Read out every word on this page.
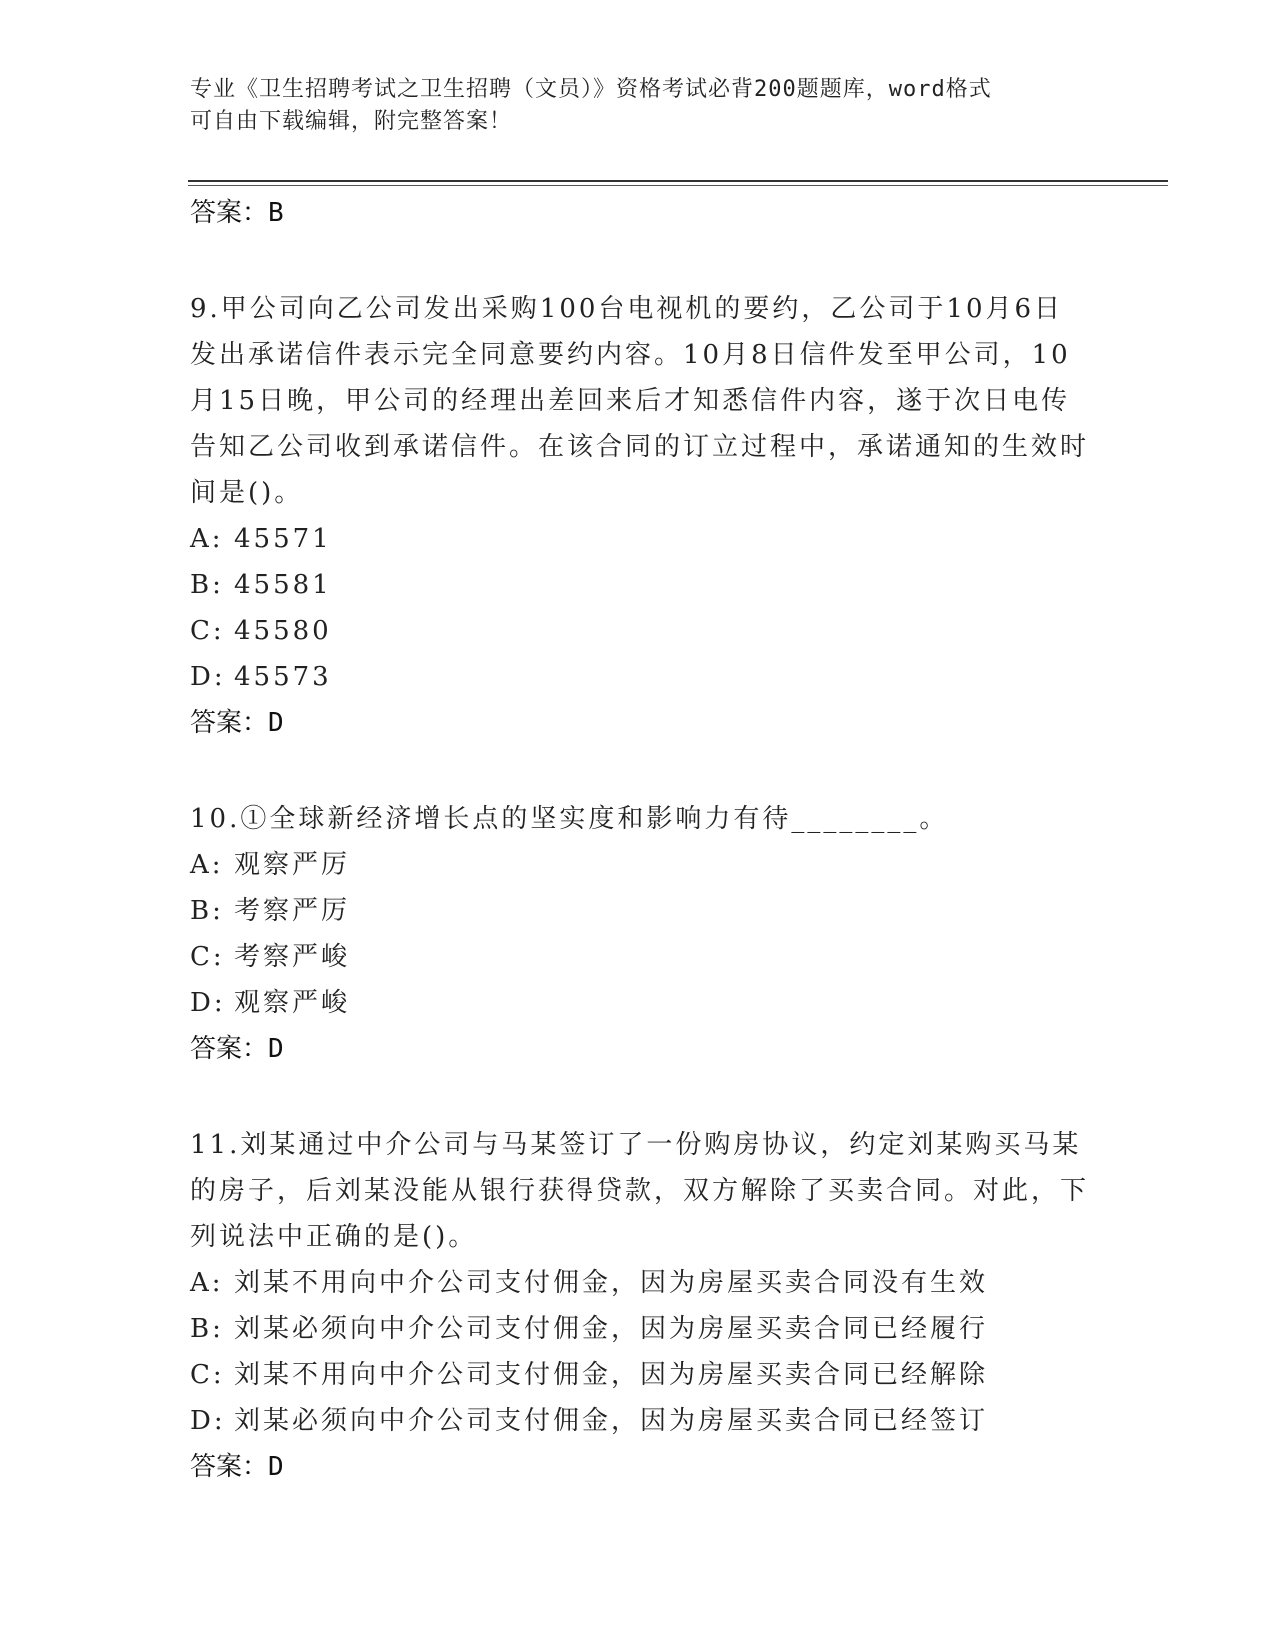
专业《卫生招聘考试之卫生招聘（文员）》资格考试必背200题题库，word格式
可自由下载编辑，附完整答案！
答案：B

9.甲公司向乙公司发出采购100台电视机的要约，乙公司于10月6日发出承诺信件表示完全同意要约内容。10月8日信件发至甲公司，10月15日晚，甲公司的经理出差回来后才知悉信件内容，遂于次日电传告知乙公司收到承诺信件。在该合同的订立过程中，承诺通知的生效时间是()。

A: 45571
B: 45581
C: 45580
D: 45573
答案：D

10.①全球新经济增长点的坚实度和影响力有待________。

A: 观察严厉
B: 考察严厉
C: 考察严峻
D: 观察严峻
答案：D

11.刘某通过中介公司与马某签订了一份购房协议，约定刘某购买马某的房子，后刘某没能从银行获得贷款，双方解除了买卖合同。对此，下列说法中正确的是()。

A: 刘某不用向中介公司支付佣金，因为房屋买卖合同没有生效
B: 刘某必须向中介公司支付佣金，因为房屋买卖合同已经履行
C: 刘某不用向中介公司支付佣金，因为房屋买卖合同已经解除
D: 刘某必须向中介公司支付佣金，因为房屋买卖合同已经签订
答案：D
